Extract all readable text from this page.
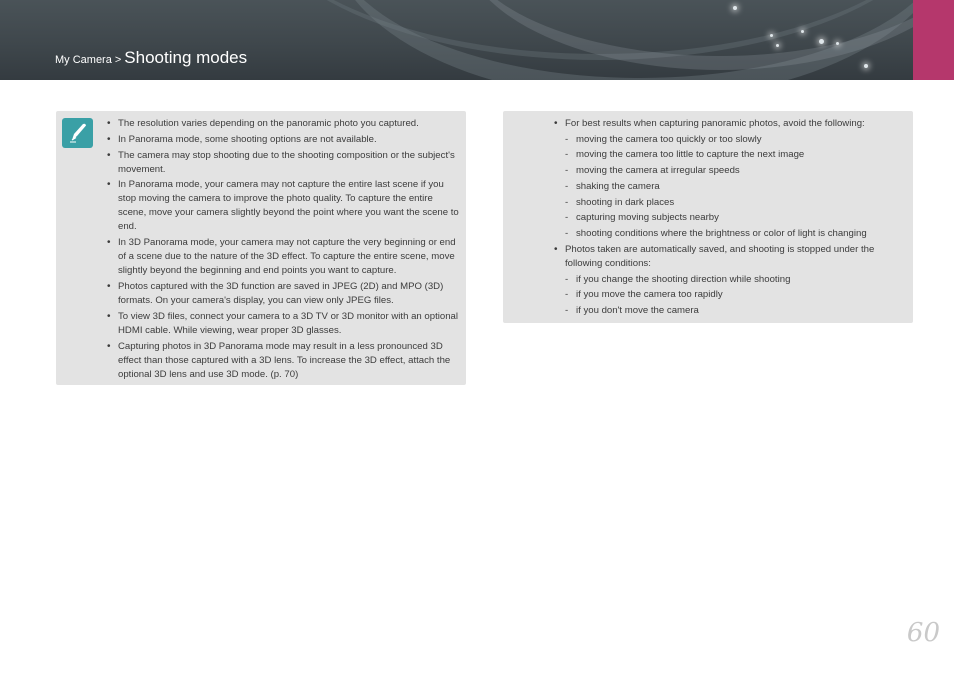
My Camera > Shooting modes
• The resolution varies depending on the panoramic photo you captured.
• In Panorama mode, some shooting options are not available.
• The camera may stop shooting due to the shooting composition or the subject's movement.
• In Panorama mode, your camera may not capture the entire last scene if you stop moving the camera to improve the photo quality. To capture the entire scene, move your camera slightly beyond the point where you want the scene to end.
• In 3D Panorama mode, your camera may not capture the very beginning or end of a scene due to the nature of the 3D effect. To capture the entire scene, move slightly beyond the beginning and end points you want to capture.
• Photos captured with the 3D function are saved in JPEG (2D) and MPO (3D) formats. On your camera's display, you can view only JPEG files.
• To view 3D files, connect your camera to a 3D TV or 3D monitor with an optional HDMI cable. While viewing, wear proper 3D glasses.
• Capturing photos in 3D Panorama mode may result in a less pronounced 3D effect than those captured with a 3D lens. To increase the 3D effect, attach the optional 3D lens and use 3D mode. (p. 70)
• For best results when capturing panoramic photos, avoid the following:
- moving the camera too quickly or too slowly
- moving the camera too little to capture the next image
- moving the camera at irregular speeds
- shaking the camera
- shooting in dark places
- capturing moving subjects nearby
- shooting conditions where the brightness or color of light is changing
• Photos taken are automatically saved, and shooting is stopped under the following conditions:
- if you change the shooting direction while shooting
- if you move the camera too rapidly
- if you don't move the camera
60
